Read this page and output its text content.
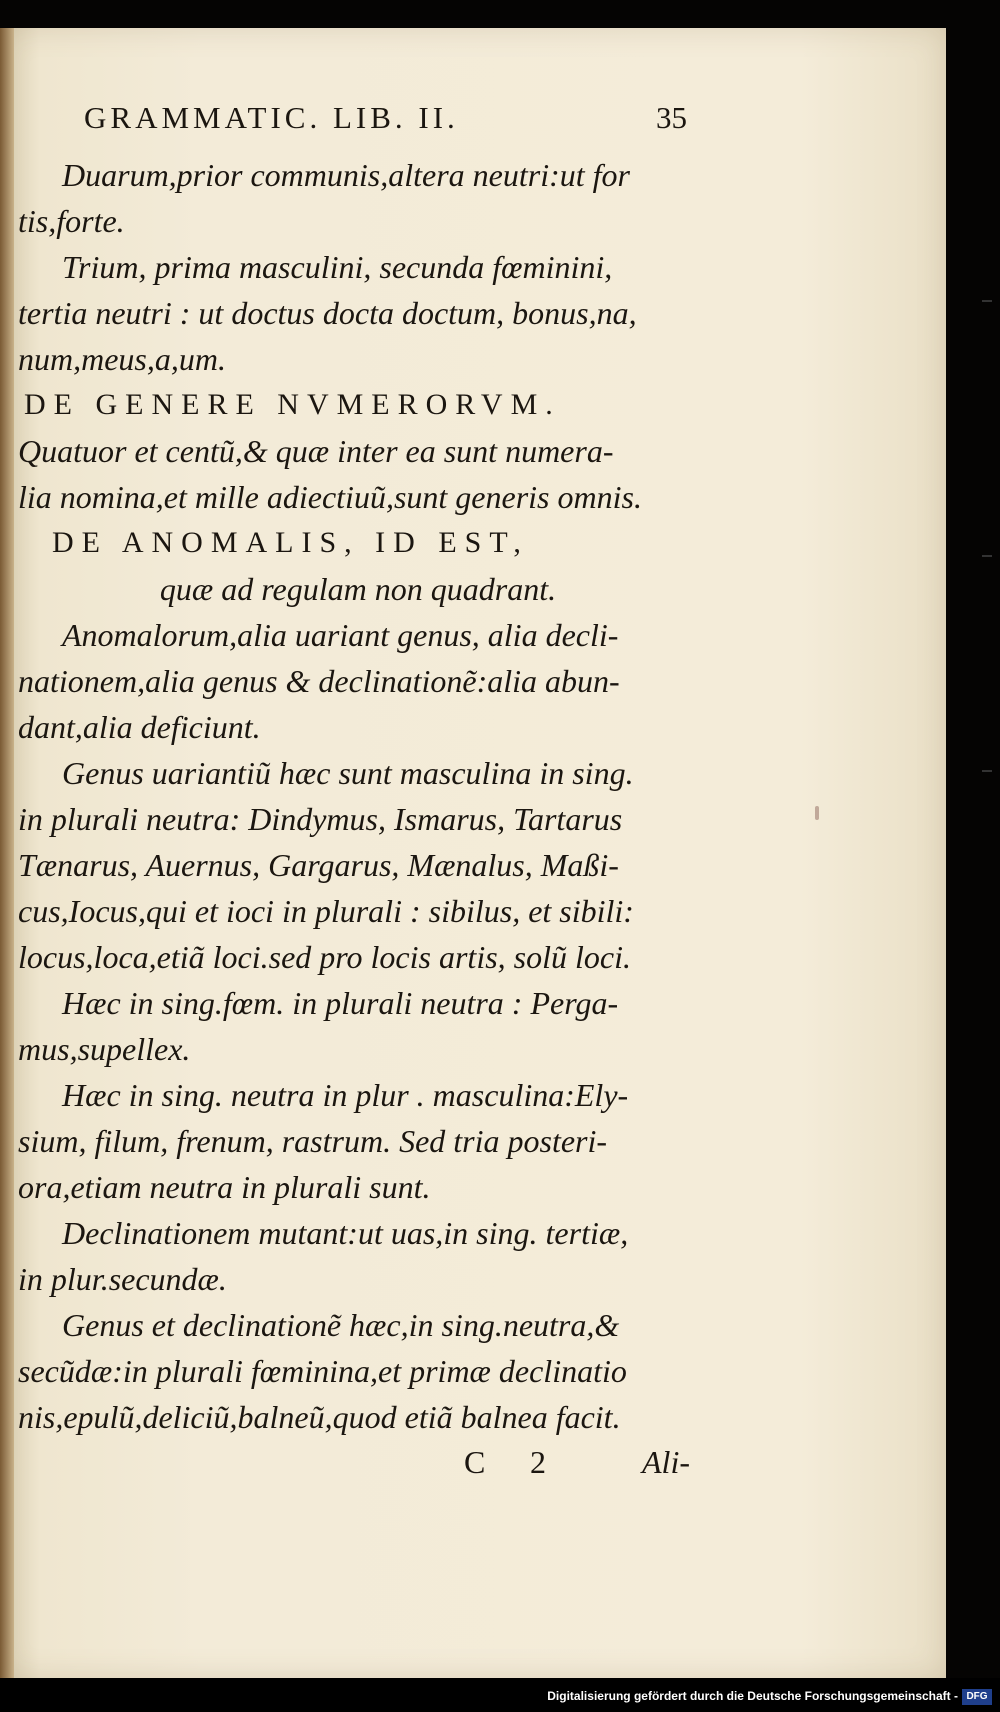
GRAMMATIC. LIB. II.	35
Duarum,prior communis,altera neutri:ut for
tis,forte.
Trium, prima masculini, secunda fœminini,
tertia neutri : ut doctus docta doctum, bonus,na,
num,meus,a,um.
DE GENERE NVMERORVM.
Quatuor et centũ,& quæ inter ea sunt numera-
lia nomina,et mille adiectiuũ,sunt generis omnis.
DE ANOMALIS, ID EST,
quæ ad regulam non quadrant.
Anomalorum,alia uariant genus, alia decli-
nationem,alia genus & declinationẽ:alia abun-
dant,alia deficiunt.
Genus uariantiũ hæc sunt masculina in sing.
in plurali neutra: Dindymus, Ismarus, Tartarus
Tænarus, Auernus, Gargarus, Mænalus, Maßi-
cus,Iocus,qui et ioci in plurali : sibilus, et sibili:
locus,loca,etiã loci.sed pro locis artis, solũ loci.
Hæc in sing.fœm. in plurali neutra : Perga-
mus,supellex.
Hæc in sing. neutra in plur . masculina:Ely-
sium, filum, frenum, rastrum. Sed tria posteri-
ora,etiam neutra in plurali sunt.
Declinationem mutant:ut uas,in sing. tertiæ,
in plur.secundæ.
Genus et declinationẽ hæc,in sing.neutra,&
secũdæ:in plurali fœminina,et primæ declinatio
nis,epulũ,deliciũ,balneũ,quod etiã balnea facit.
C 2	Ali-
Digitalisierung gefördert durch die Deutsche Forschungsgemeinschaft - DFG
